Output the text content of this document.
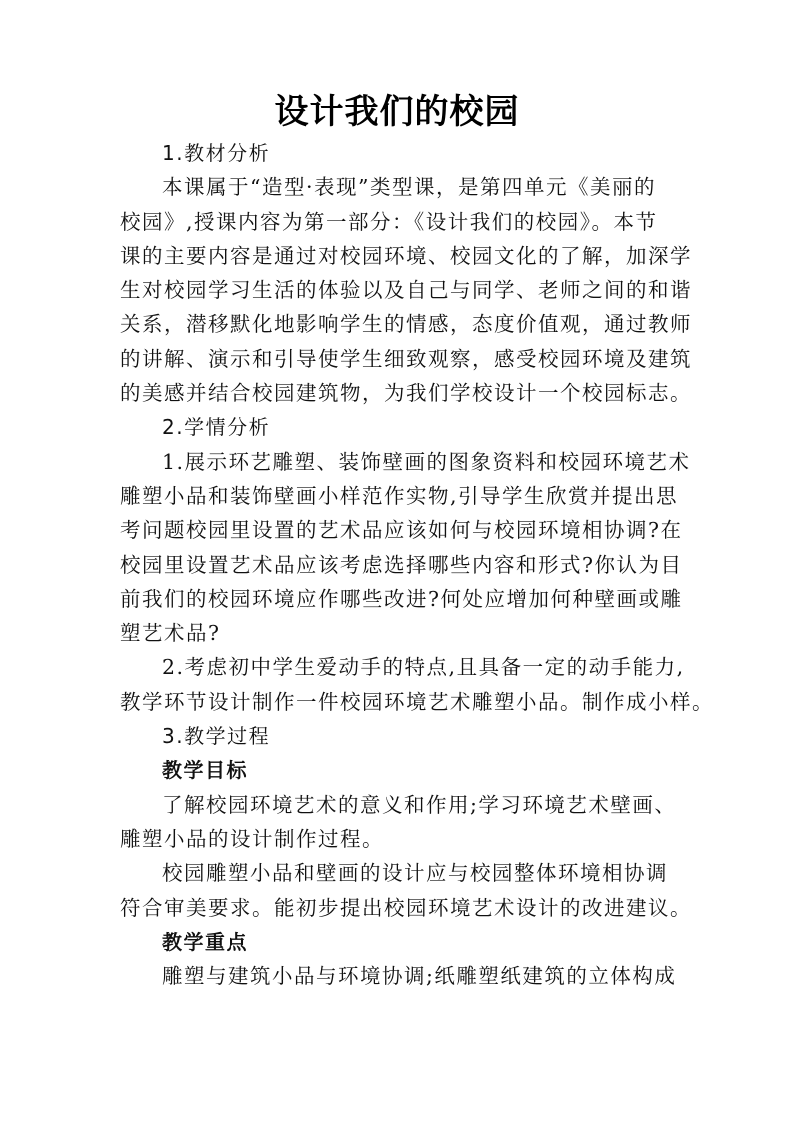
设计我们的校园

1.教材分析

本课属于“造型·表现”类型课，是第四单元《美丽的
校园》,授课内容为第一部分：《设计我们的校园》。本节
课的主要内容是通过对校园环境、校园文化的了解，加深学
生对校园学习生活的体验以及自己与同学、老师之间的和谐
关系，潜移默化地影响学生的情感，态度价值观，通过教师
的讲解、演示和引导使学生细致观察，感受校园环境及建筑
的美感并结合校园建筑物，为我们学校设计一个校园标志。

2.学情分析

1.展示环艺雕塑、装饰壁画的图象资料和校园环境艺术
雕塑小品和装饰壁画小样范作实物,引导学生欣赏并提出思
考问题校园里设置的艺术品应该如何与校园环境相协调?在
校园里设置艺术品应该考虑选择哪些内容和形式?你认为目
前我们的校园环境应作哪些改进?何处应增加何种壁画或雕
塑艺术品?

2.考虑初中学生爱动手的特点,且具备一定的动手能力,
教学环节设计制作一件校园环境艺术雕塑小品。制作成小样。

3.教学过程

教学目标

了解校园环境艺术的意义和作用;学习环境艺术壁画、
雕塑小品的设计制作过程。

校园雕塑小品和壁画的设计应与校园整体环境相协调
符合审美要求。能初步提出校园环境艺术设计的改进建议。

教学重点

雕塑与建筑小品与环境协调;纸雕塑纸建筑的立体构成
